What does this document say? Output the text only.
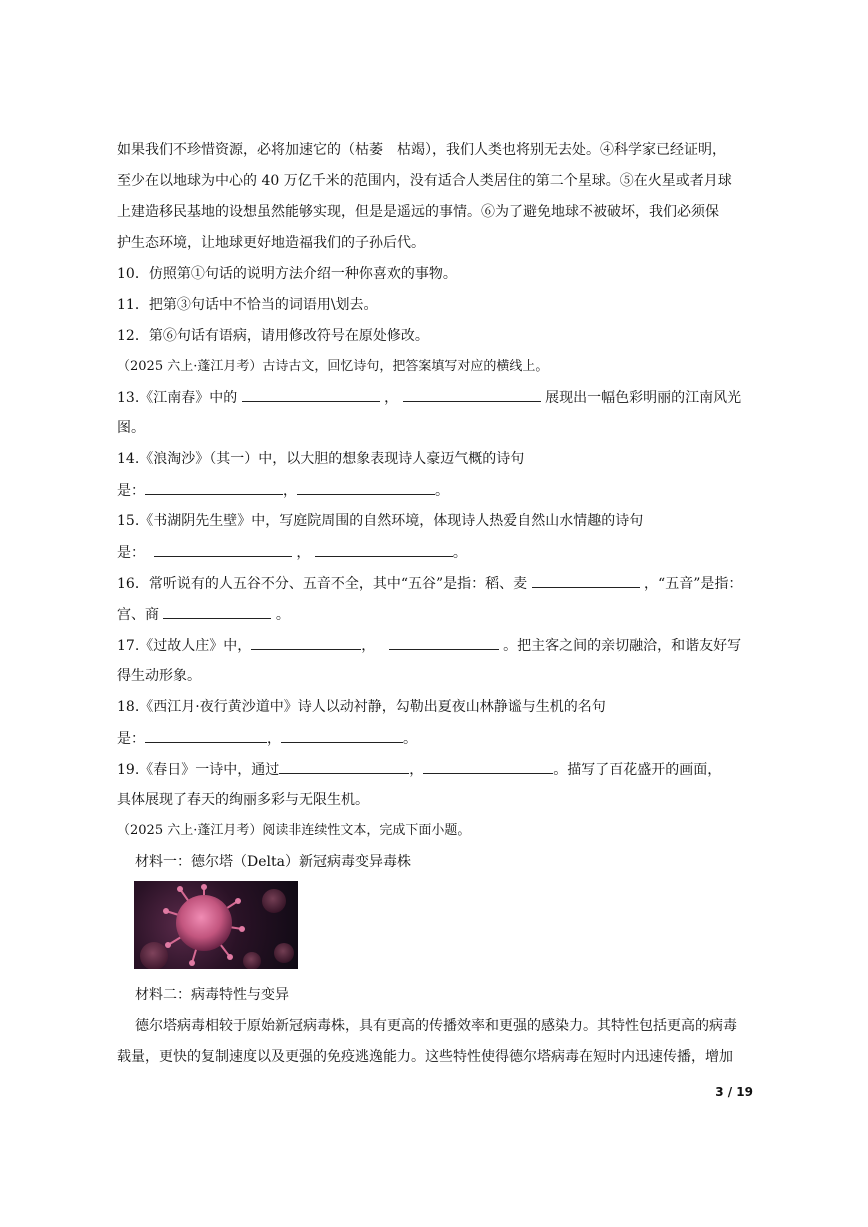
如果我们不珍惜资源，必将加速它的（枯萎　枯竭），我们人类也将别无去处。④科学家已经证明，
至少在以地球为中心的 40 万亿千米的范围内，没有适合人类居住的第二个星球。⑤在火星或者月球
上建造移民基地的设想虽然能够实现，但是是遥远的事情。⑥为了避免地球不被破坏，我们必须保
护生态环境，让地球更好地造福我们的子孙后代。
10．仿照第①句话的说明方法介绍一种你喜欢的事物。
11．把第③句话中不恰当的词语用\划去。
12．第⑥句话有语病，请用修改符号在原处修改。
（2025 六上·蓬江月考）古诗古文，回忆诗句，把答案填写对应的横线上。
13.《江南春》中的	，	展现出一幅色彩明丽的江南风光
图。
14.《浪淘沙》（其一）中，以大胆的想象表现诗人豪迈气概的诗句
是：	，	。
15.《书湖阴先生壁》中，写庭院周围的自然环境，体现诗人热爱自然山水情趣的诗句
是：	，	。
16．常听说有的人五谷不分、五音不全，其中“五谷”是指：稻、麦	，“五音”是指：
宫、商	。
17.《过故人庄》中，	，	。把主客之间的亲切融洽，和谐友好写
得生动形象。
18.《西江月·夜行黄沙道中》诗人以动衬静，勾勒出夏夜山林静谧与生机的名句
是：	，	。
19.《春日》一诗中，通过	，	。描写了百花盛开的画面，
具体展现了春天的绚丽多彩与无限生机。
（2025 六上·蓬江月考）阅读非连续性文本，完成下面小题。
材料一：德尔塔（Delta）新冠病毒变异毒株
材料二：病毒特性与变异
德尔塔病毒相较于原始新冠病毒株，具有更高的传播效率和更强的感染力。其特性包括更高的病毒
载量，更快的复制速度以及更强的免疫逃逸能力。这些特性使得德尔塔病毒在短时内迅速传播，增加
3 / 19
